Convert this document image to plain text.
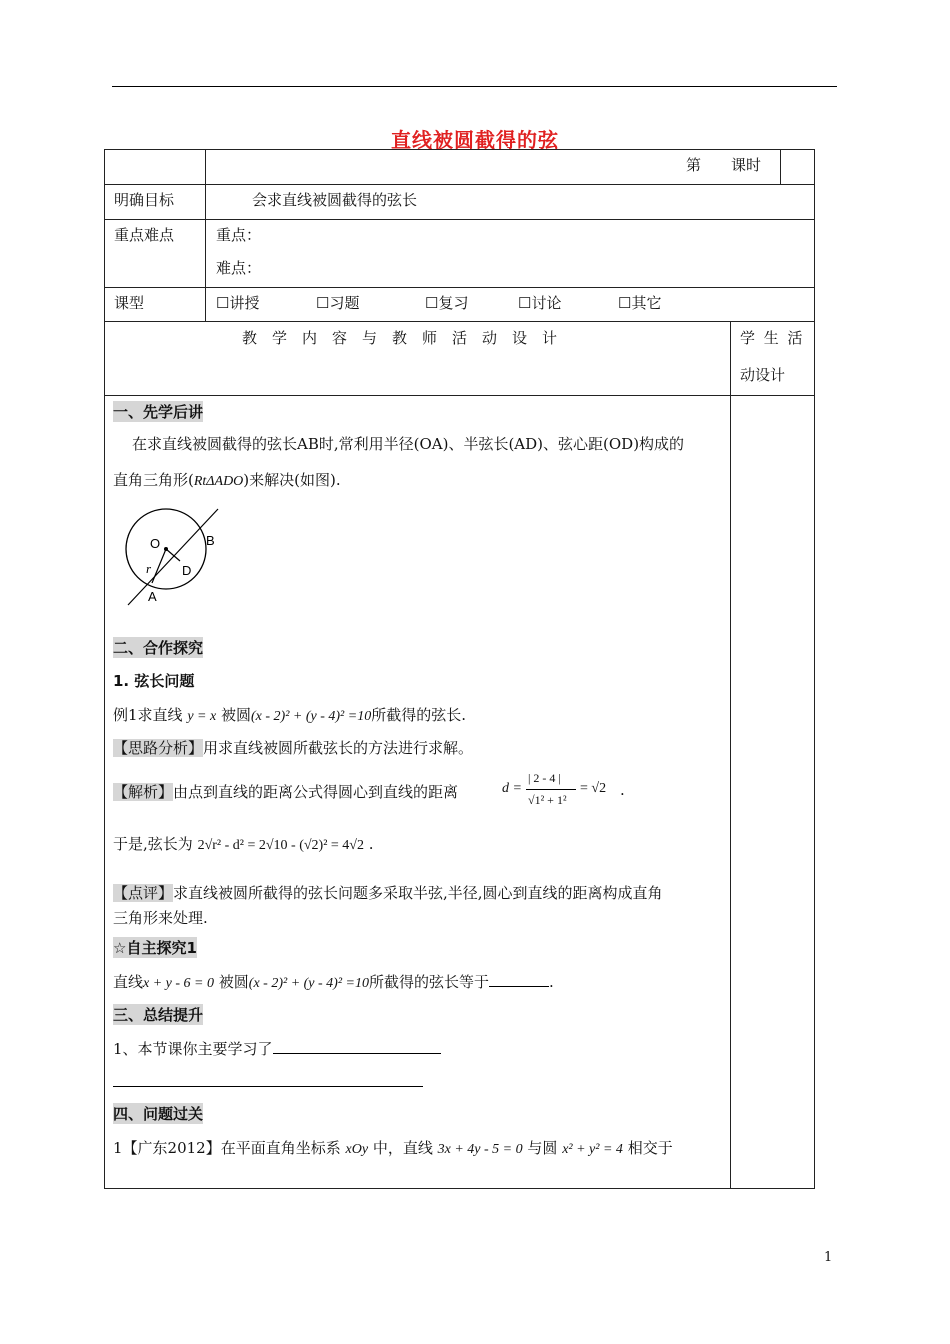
直线被圆截得的弦
第　　课时
明确目标	会求直线被圆截得的弦长
重点难点	重点：
难点：
课型	☐讲授	☐习题	☐复习	☐讨论	☐其它
教　学　内　容　与　教　师　活　动　设　计	学 生 活
动设计
一、先学后讲
在求直线被圆截得的弦长AB时,常利用半径(OA)、半弦长(AD)、弦心距(OD)构成的
直角三角形(RtΔADO)来解决(如图).
O	B
D
r
A
二、合作探究
1. 弦长问题
例1求直线 y = x 被圆(x - 2)² + (y - 4)² =10所截得的弦长.
【思路分析】用求直线被圆所截弦长的方法进行求解。
【解析】由点到直线的距离公式得圆心到直线的距离	d =
| 2 - 4 |
√1² + 1²
= √2 .
于是,弦长为 2√r² - d² = 2√10 - (√2)² = 4√2 .
【点评】求直线被圆所截得的弦长问题多采取半弦,半径,圆心到直线的距离构成直角
三角形来处理.
☆自主探究1
直线x + y - 6 = 0 被圆(x - 2)² + (y - 4)² =10所截得的弦长等于	.
三、总结提升
1、本节课你主要学习了
四、问题过关
1【广东2012】在平面直角坐标系 xOy 中，直线 3x + 4y - 5 = 0 与圆 x² + y² = 4 相交于
1
